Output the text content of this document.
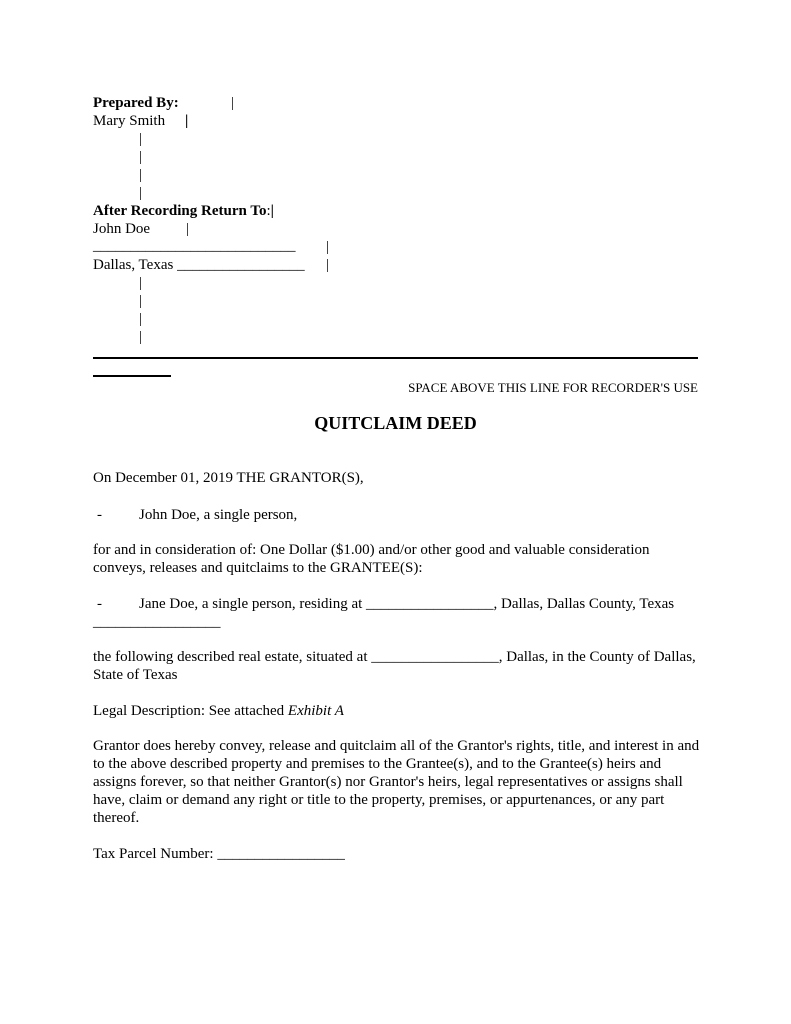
Prepared By:	|
Mary Smith |
|
|
|
|
After Recording Return To:|
John Doe |
___________________________ |
Dallas, Texas _________________ |
|
|
|
|
SPACE ABOVE THIS LINE FOR RECORDER'S USE
QUITCLAIM DEED
On December 01, 2019 THE GRANTOR(S),
- John Doe, a single person,
for and in consideration of: One Dollar ($1.00) and/or other good and valuable consideration conveys, releases and quitclaims to the GRANTEE(S):
- Jane Doe, a single person, residing at _________________, Dallas, Dallas County, Texas
_________________
the following described real estate, situated at _________________, Dallas, in the County of Dallas, State of Texas
Legal Description: See attached Exhibit A
Grantor does hereby convey, release and quitclaim all of the Grantor's rights, title, and interest in and to the above described property and premises to the Grantee(s), and to the Grantee(s) heirs and assigns forever, so that neither Grantor(s) nor Grantor's heirs, legal representatives or assigns shall have, claim or demand any right or title to the property, premises, or appurtenances, or any part thereof.
Tax Parcel Number: _________________
